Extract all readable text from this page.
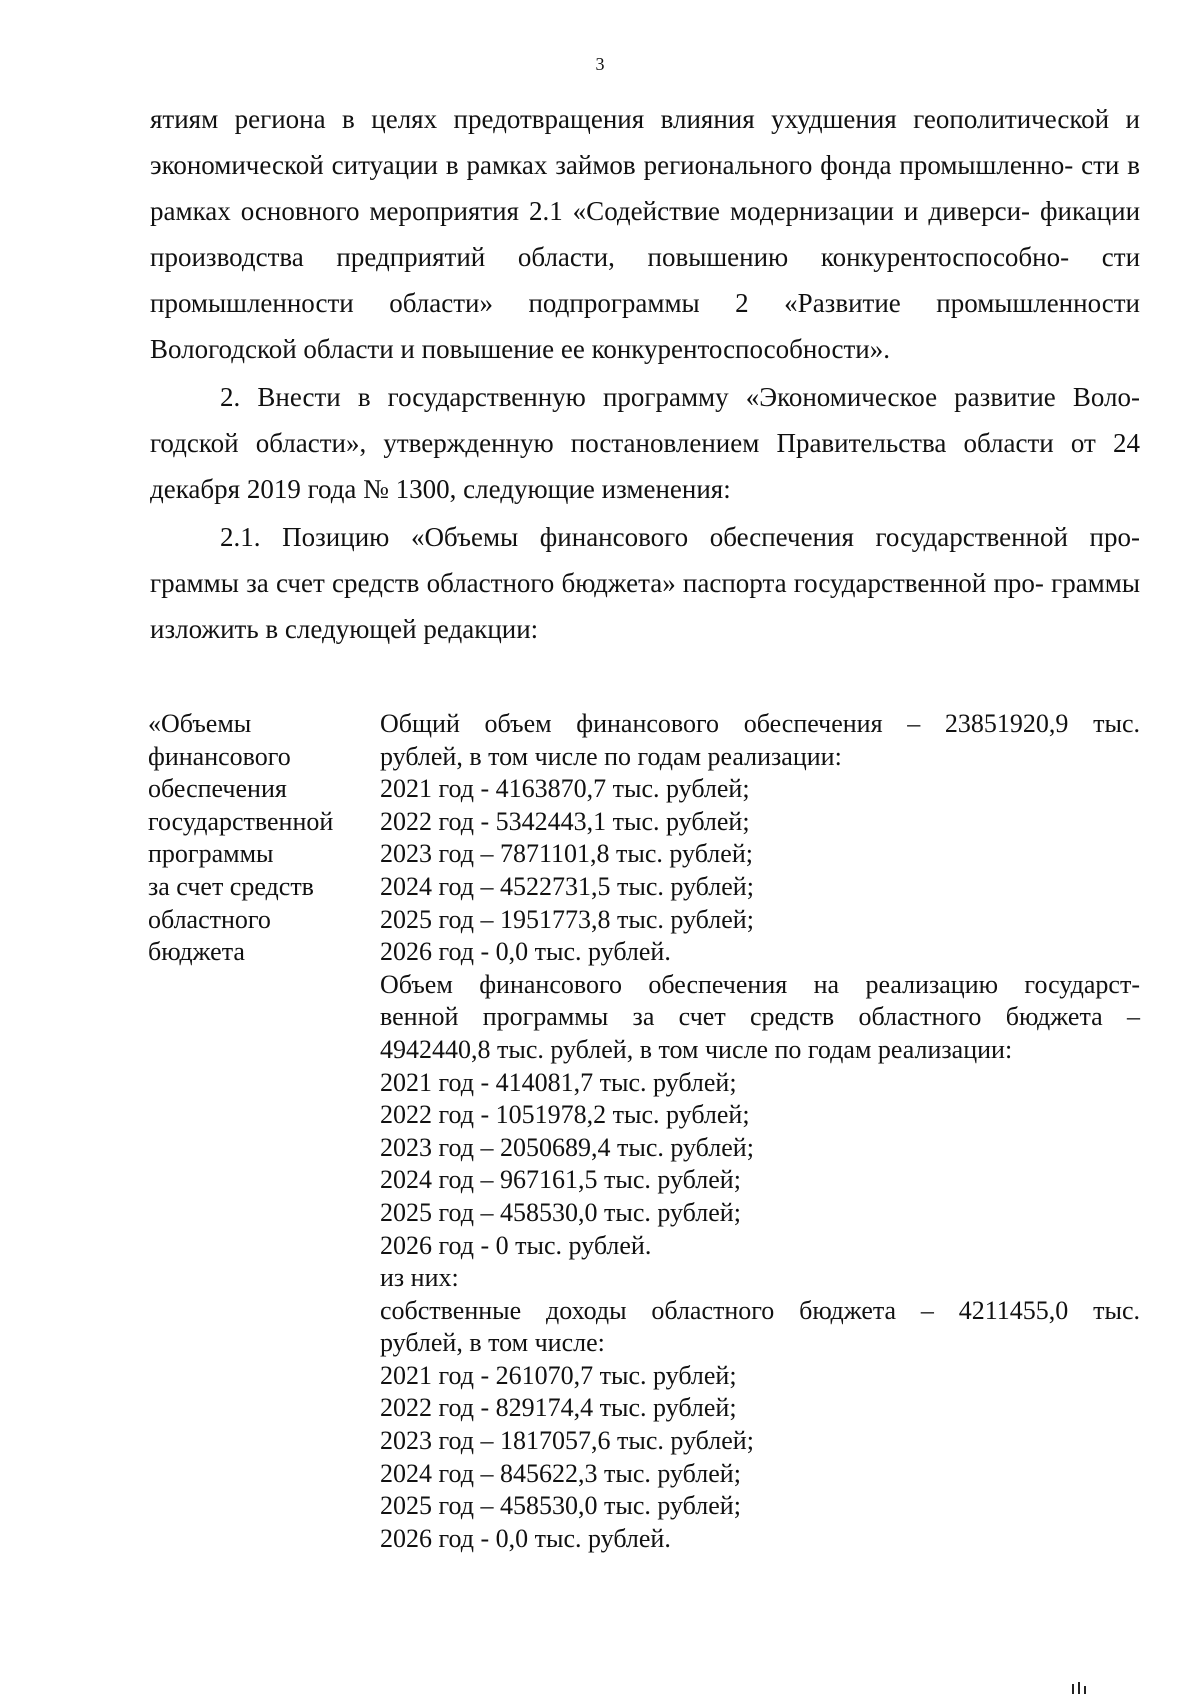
3

ятиям региона в целях предотвращения влияния ухудшения геополитической и экономической ситуации в рамках займов регионального фонда промышленно- сти в рамках основного мероприятия 2.1 «Содействие модернизации и диверси- фикации производства предприятий области, повышению конкурентоспособно- сти промышленности области» подпрограммы 2 «Развитие промышленности Вологодской области и повышение ее конкурентоспособности».

2. Внести в государственную программу «Экономическое развитие Воло- годской области», утвержденную постановлением Правительства области от 24 декабря 2019 года № 1300, следующие изменения:

2.1. Позицию «Объемы финансового обеспечения государственной про- граммы за счет средств областного бюджета» паспорта государственной про- граммы изложить в следующей редакции:

«Объемы
финансового
обеспечения
государственной
программы
за счет средств
областного
бюджета
Общий объем финансового обеспечения – 23851920,9 тыс.
рублей, в том числе по годам реализации:
2021 год - 4163870,7 тыс. рублей;
2022 год - 5342443,1 тыс. рублей;
2023 год – 7871101,8 тыс. рублей;
2024 год – 4522731,5 тыс. рублей;
2025 год – 1951773,8 тыс. рублей;
2026 год - 0,0 тыс. рублей.
Объем финансового обеспечения на реализацию государст-
венной программы за счет средств областного бюджета –
4942440,8 тыс. рублей, в том числе по годам реализации:
2021 год - 414081,7 тыс. рублей;
2022 год - 1051978,2 тыс. рублей;
2023 год – 2050689,4 тыс. рублей;
2024 год – 967161,5 тыс. рублей;
2025 год – 458530,0 тыс. рублей;
2026 год - 0 тыс. рублей.
из них:
собственные доходы областного бюджета – 4211455,0 тыс.
рублей, в том числе:
2021 год - 261070,7 тыс. рублей;
2022 год - 829174,4 тыс. рублей;
2023 год – 1817057,6 тыс. рублей;
2024 год – 845622,3 тыс. рублей;
2025 год – 458530,0 тыс. рублей;
2026 год - 0,0 тыс. рублей.
